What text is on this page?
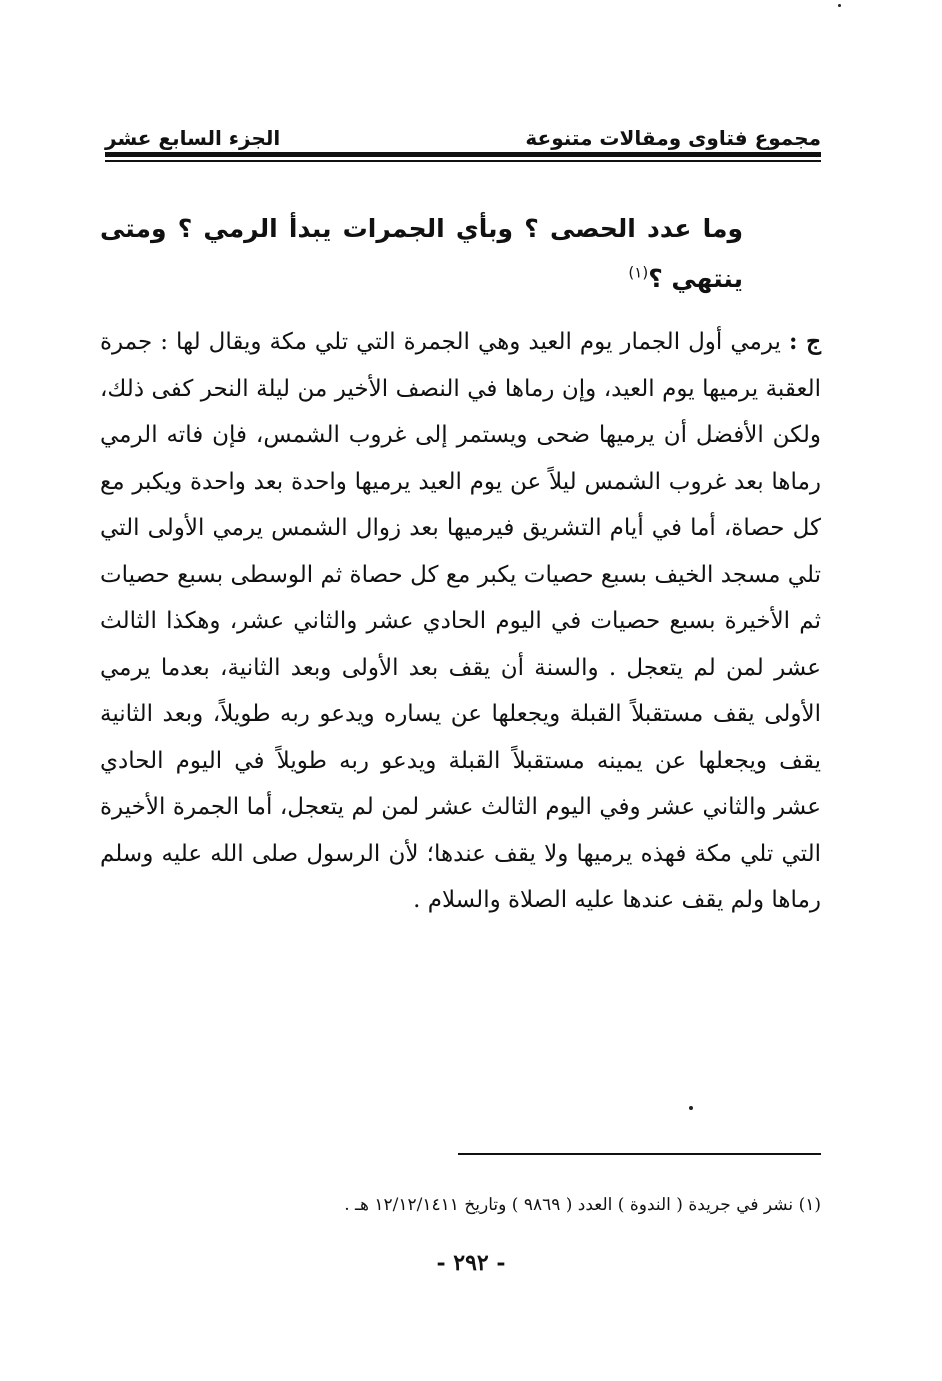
مجموع فتاوى ومقالات متنوعة
الجزء السابع عشر
وما عدد الحصى ؟ وبأي الجمرات يبدأ الرمي ؟ ومتى ينتهي ؟$^{(١)}$
ج : يرمي أول الجمار يوم العيد وهي الجمرة التي تلي مكة ويقال لها : جمرة العقبة يرميها يوم العيد، وإن رماها في النصف الأخير من ليلة النحر كفى ذلك، ولكن الأفضل أن يرميها ضحى ويستمر إلى غروب الشمس، فإن فاته الرمي رماها بعد غروب الشمس ليلاً عن يوم العيد يرميها واحدة بعد واحدة ويكبر مع كل حصاة، أما في أيام التشريق فيرميها بعد زوال الشمس يرمي الأولى التي تلي مسجد الخيف بسبع حصيات يكبر مع كل حصاة ثم الوسطى بسبع حصيات ثم الأخيرة بسبع حصيات في اليوم الحادي عشر والثاني عشر، وهكذا الثالث عشر لمن لم يتعجل . والسنة أن يقف بعد الأولى وبعد الثانية، بعدما يرمي الأولى يقف مستقبلاً القبلة ويجعلها عن يساره ويدعو ربه طويلاً، وبعد الثانية يقف ويجعلها عن يمينه مستقبلاً القبلة ويدعو ربه طويلاً في اليوم الحادي عشر والثاني عشر وفي اليوم الثالث عشر لمن لم يتعجل، أما الجمرة الأخيرة التي تلي مكة فهذه يرميها ولا يقف عندها؛ لأن الرسول صلى الله عليه وسلم رماها ولم يقف عندها عليه الصلاة والسلام .
(١) نشر في جريدة ( الندوة ) العدد ( ٩٨٦٩ ) وتاريخ ١٢/١٢/١٤١١ هـ .
- ٢٩٢ -
